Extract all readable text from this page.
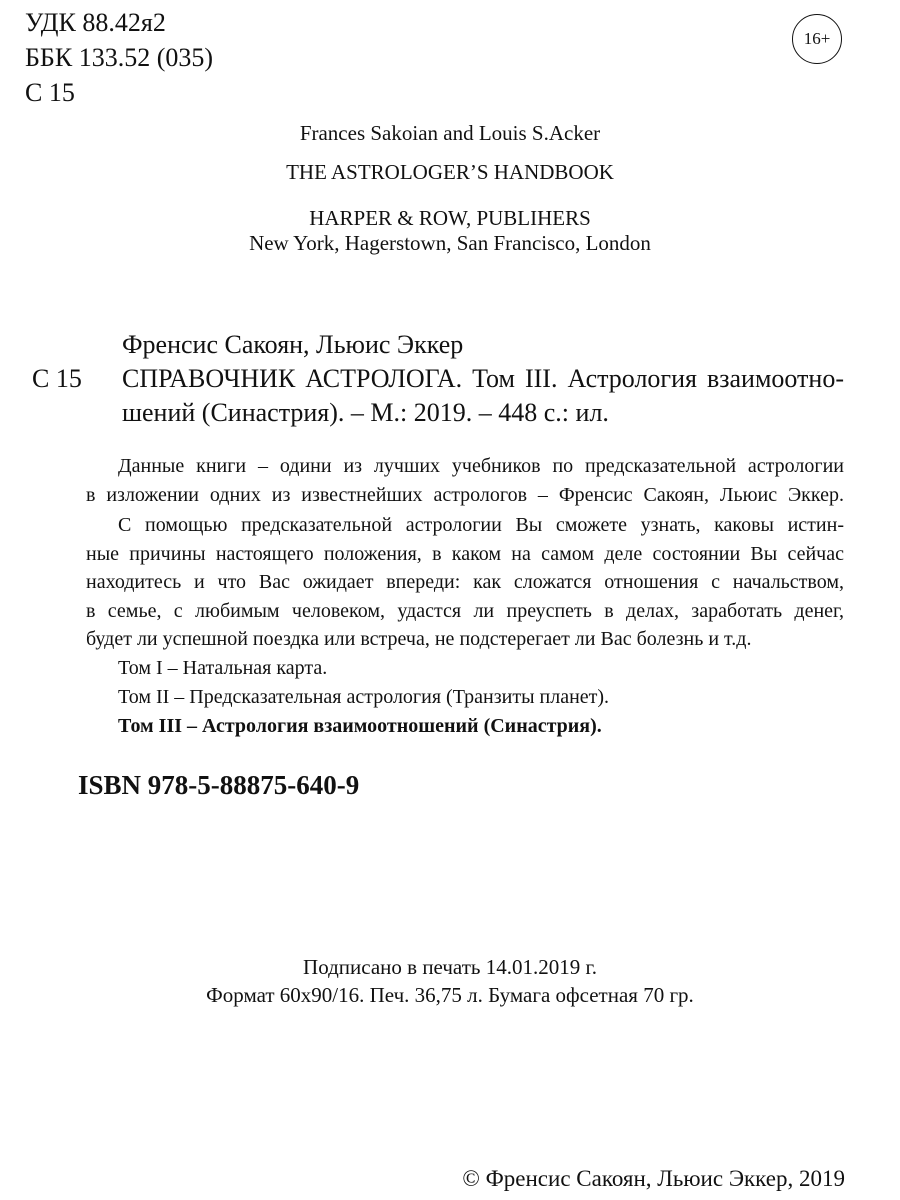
УДК 88.42я2
ББК 133.52 (035)
С 15
16+
Frances Sakoian and Louis S.Acker
THE ASTROLOGER’S HANDBOOK
HARPER & ROW, PUBLIHERS
New York, Hagerstown, San Francisco, London
Френсис Сакоян, Льюис Эккер
С 15 СПРАВОЧНИК АСТРОЛОГА. Том III. Астрология взаимоотно-
шений (Синастрия). – М.: 2019. – 448 с.: ил.
Данные книги – одини из лучших учебников по предсказательной астрологии
в изложении одних из известнейших астрологов – Френсис Сакоян, Льюис Эккер.
С помощью предсказательной астрологии Вы сможете узнать, каковы истин-
ные причины настоящего положения, в каком на самом деле состоянии Вы сейчас
находитесь и что Вас ожидает впереди: как сложатся отношения с начальством,
в семье, с любимым человеком, удастся ли преуспеть в делах, заработать денег,
будет ли успешной поездка или встреча, не подстерегает ли Вас болезнь и т.д.
Том I – Натальная карта.
Том II – Предсказательная астрология (Транзиты планет).
Том III – Астрология взаимоотношений (Синастрия).
ISBN 978-5-88875-640-9
Подписано в печать 14.01.2019 г.
Формат 60х90/16. Печ. 36,75 л. Бумага офсетная 70 гр.
© Френсис Сакоян, Льюис Эккер, 2019
